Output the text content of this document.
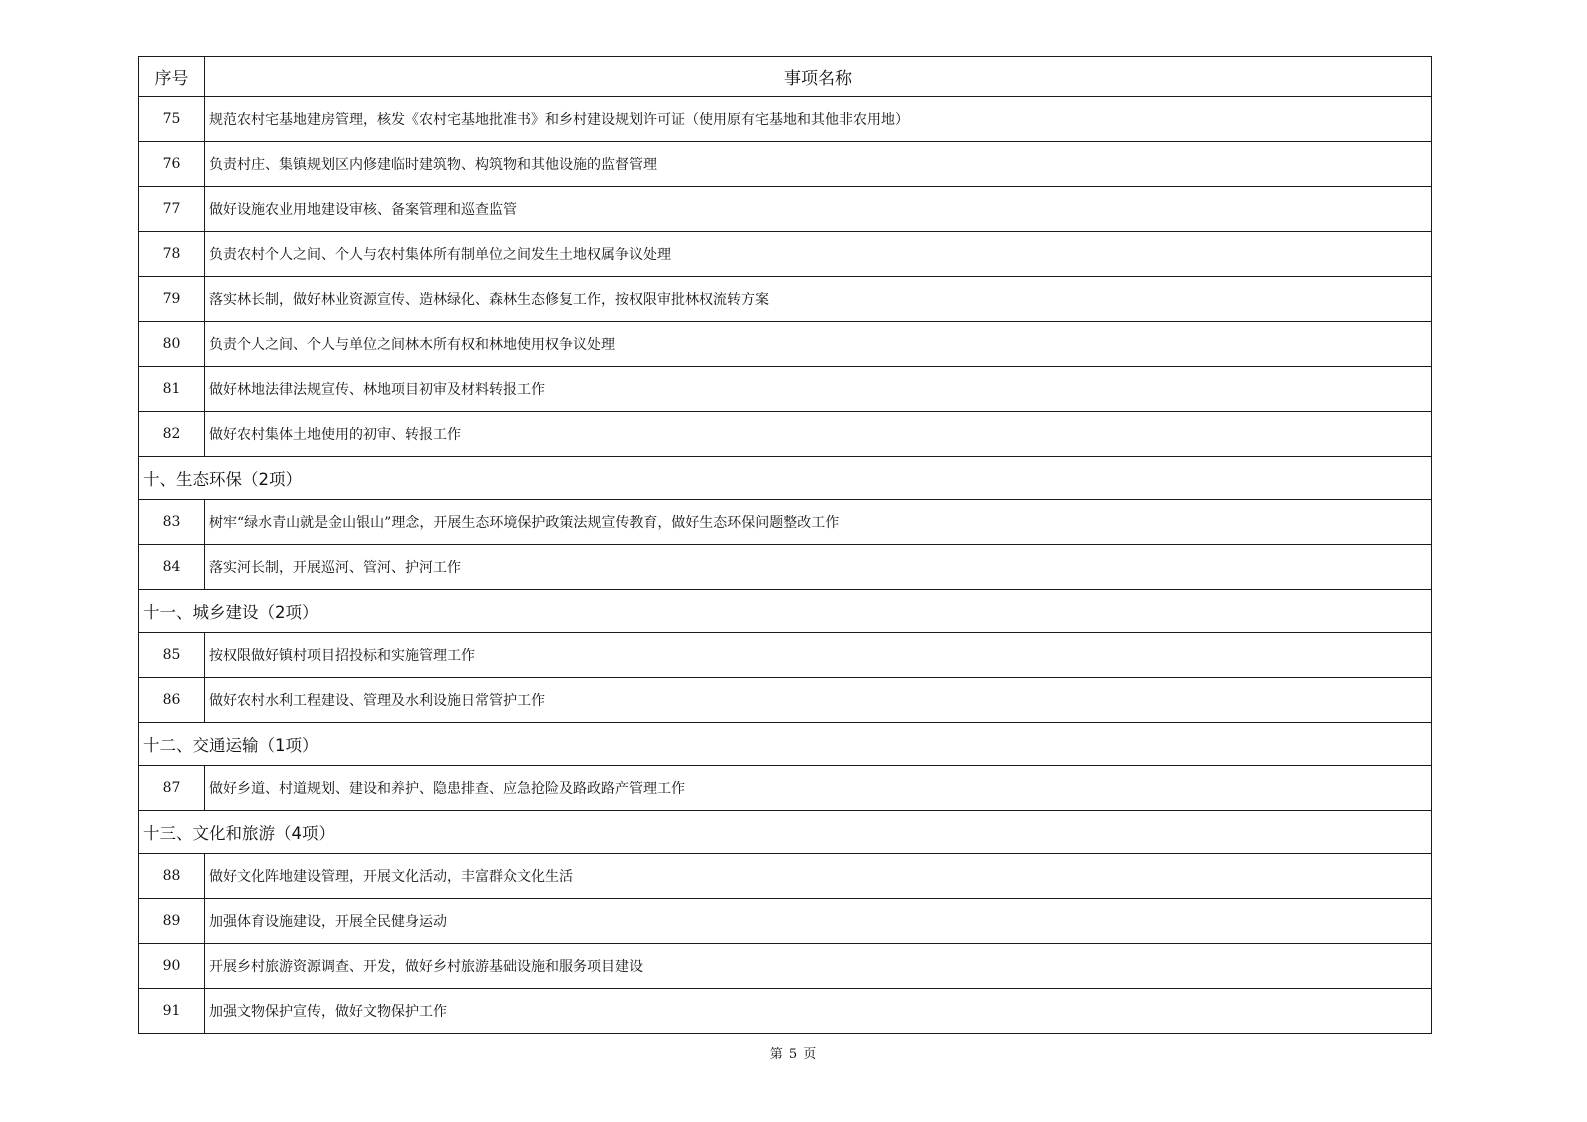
序号	事项名称
75	规范农村宅基地建房管理，核发《农村宅基地批准书》和乡村建设规划许可证（使用原有宅基地和其他非农用地）
76	负责村庄、集镇规划区内修建临时建筑物、构筑物和其他设施的监督管理
77	做好设施农业用地建设审核、备案管理和巡查监管
78	负责农村个人之间、个人与农村集体所有制单位之间发生土地权属争议处理
79	落实林长制，做好林业资源宣传、造林绿化、森林生态修复工作，按权限审批林权流转方案
80	负责个人之间、个人与单位之间林木所有权和林地使用权争议处理
81	做好林地法律法规宣传、林地项目初审及材料转报工作
82	做好农村集体土地使用的初审、转报工作
十、生态环保（2项）	
83	树牢“绿水青山就是金山银山”理念，开展生态环境保护政策法规宣传教育，做好生态环保问题整改工作
84	落实河长制，开展巡河、管河、护河工作
十一、城乡建设（2项）	
85	按权限做好镇村项目招投标和实施管理工作
86	做好农村水利工程建设、管理及水利设施日常管护工作
十二、交通运输（1项）	
87	做好乡道、村道规划、建设和养护、隐患排查、应急抢险及路政路产管理工作
十三、文化和旅游（4项）	
88	做好文化阵地建设管理，开展文化活动，丰富群众文化生活
89	加强体育设施建设，开展全民健身运动
90	开展乡村旅游资源调查、开发，做好乡村旅游基础设施和服务项目建设
91	加强文物保护宣传，做好文物保护工作
第 5 页
